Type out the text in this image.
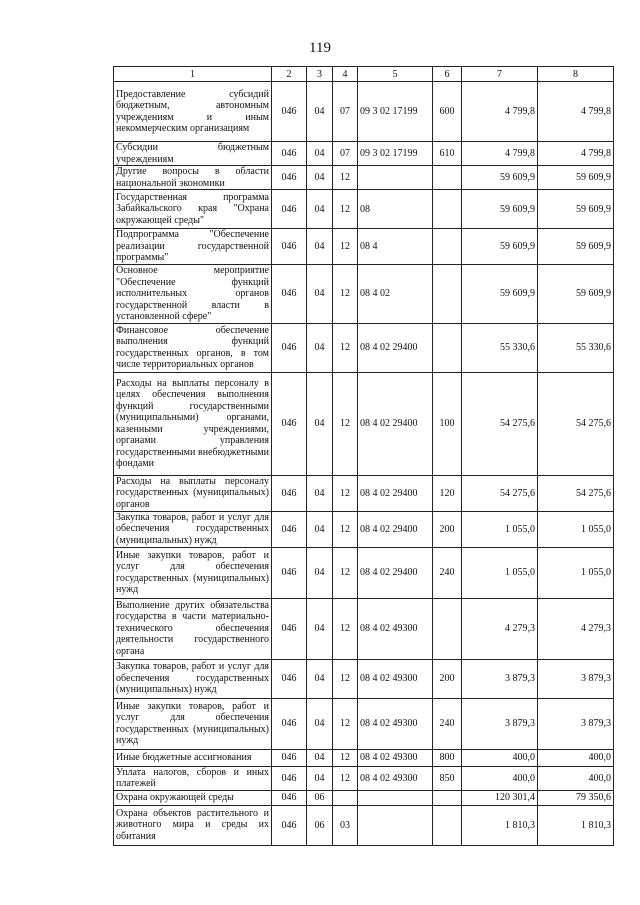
119
1	2	3	4	5	6	7	8
Предоставление субсидий бюджетным, автономным учреждениям и иным некоммерческим организациям	046	04	07	09 3 02 17199	600	4 799,8	4 799,8
Субсидии бюджетным учреждениям	046	04	07	09 3 02 17199	610	4 799,8	4 799,8
Другие вопросы в области национальной экономики	046	04	12			59 609,9	59 609,9
Государственная программа Забайкальского края "Охрана окружающей среды"	046	04	12	08		59 609,9	59 609,9
Подпрограмма "Обеспечение реализации государственной программы"	046	04	12	08 4		59 609,9	59 609,9
Основное мероприятие "Обеспечение функций исполнительных органов государственной власти в установленной сфере"	046	04	12	08 4 02		59 609,9	59 609,9
Финансовое обеспечение выполнения функций государственных органов, в том числе территориальных органов	046	04	12	08 4 02 29400		55 330,6	55 330,6
Расходы на выплаты персоналу в целях обеспечения выполнения функций государственными (муниципальными) органами, казенными учреждениями, органами управления государственными внебюджетными фондами	046	04	12	08 4 02 29400	100	54 275,6	54 275,6
Расходы на выплаты персоналу государственных (муниципальных) органов	046	04	12	08 4 02 29400	120	54 275,6	54 275,6
Закупка товаров, работ и услуг для обеспечения государственных (муниципальных) нужд	046	04	12	08 4 02 29400	200	1 055,0	1 055,0
Иные закупки товаров, работ и услуг для обеспечения государственных (муниципальных) нужд	046	04	12	08 4 02 29400	240	1 055,0	1 055,0
Выполнение других обязательства государства в части материально-технического обеспечения деятельности государственного органа	046	04	12	08 4 02 49300		4 279,3	4 279,3
Закупка товаров, работ и услуг для обеспечения государственных (муниципальных) нужд	046	04	12	08 4 02 49300	200	3 879,3	3 879,3
Иные закупки товаров, работ и услуг для обеспечения государственных (муниципальных) нужд	046	04	12	08 4 02 49300	240	3 879,3	3 879,3
Иные бюджетные ассигнования	046	04	12	08 4 02 49300	800	400,0	400,0
Уплата налогов, сборов и иных платежей	046	04	12	08 4 02 49300	850	400,0	400,0
Охрана окружающей среды	046	06				120 301,4	79 350,6
Охрана объектов растительного и животного мира и среды их обитания	046	06	03			1 810,3	1 810,3
